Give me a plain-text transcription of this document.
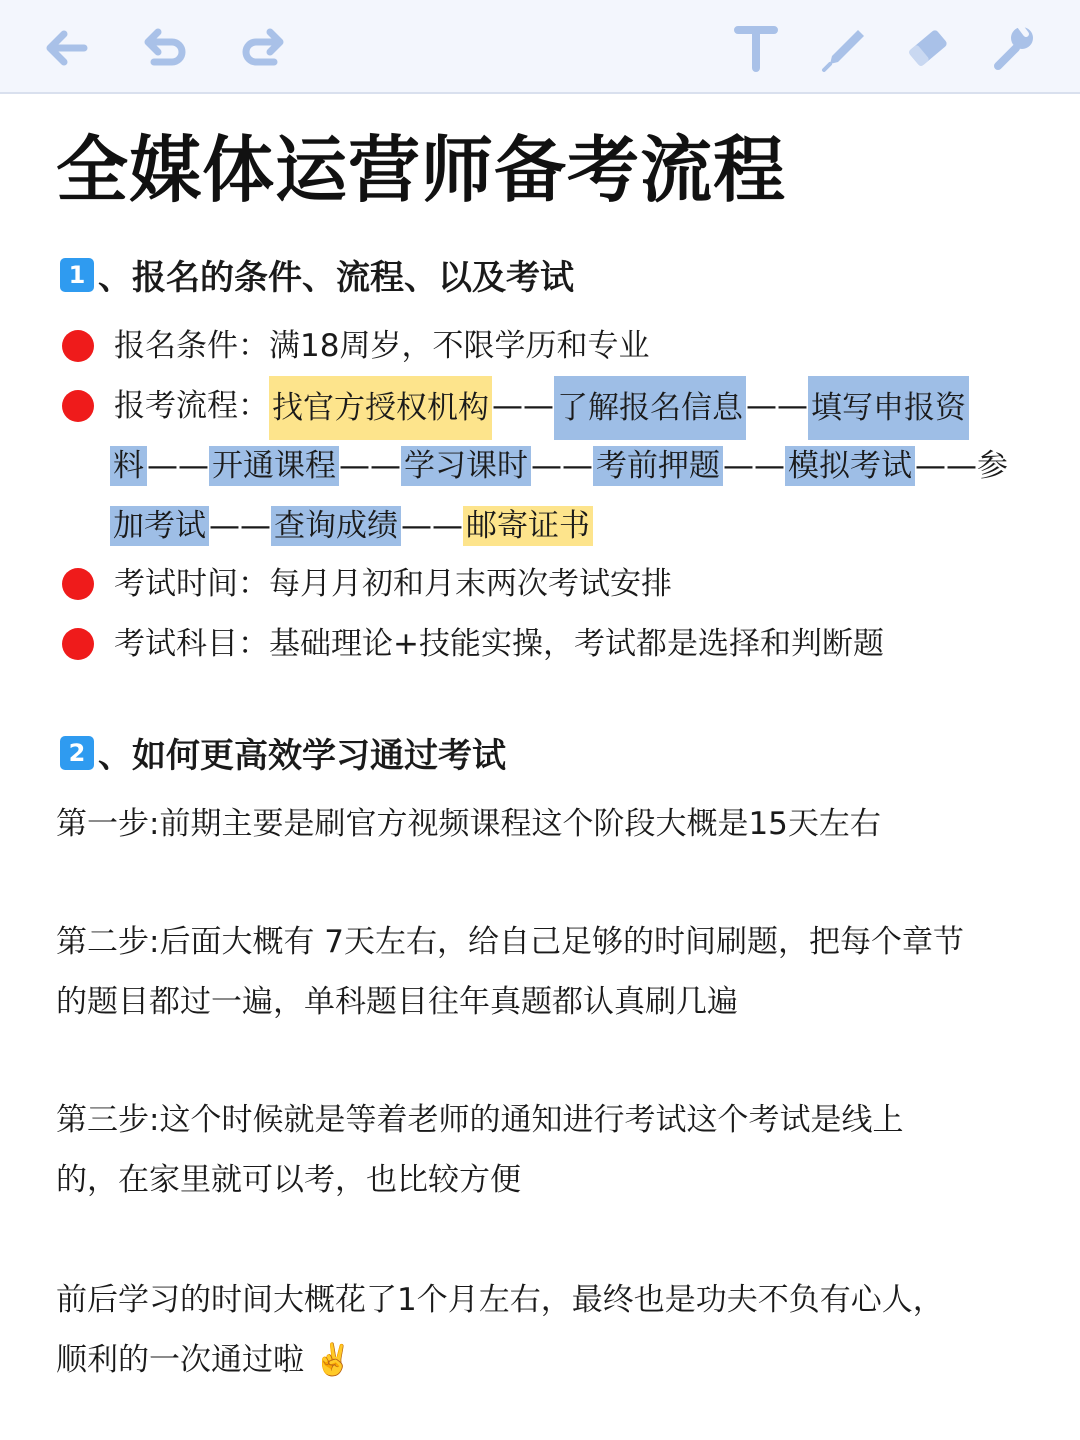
全媒体运营师备考流程
1 、报名的条件、流程、以及考试
报名条件： 满18周岁，不限学历和专业
报考流程： 找官方授权机构 —— 了解报名信息 —— 填写申报资
料——开通课程——学习课时——考前押题——模拟考试——参
加考试——查询成绩——邮寄证书
考试时间： 每月月初和月末两次考试安排
考试科目： 基础理论+技能实操，考试都是选择和判断题
2 、如何更高效学习通过考试
第一步:前期主要是刷官方视频课程这个阶段大概是15天左右
第二步:后面大概有 7天左右，给自己足够的时间刷题，把每个章节
的题目都过一遍，单科题目往年真题都认真刷几遍
第三步:这个时候就是等着老师的通知进行考试这个考试是线上
的，在家里就可以考，也比较方便
前后学习的时间大概花了1个月左右，最终也是功夫不负有心人，
顺利的一次通过啦 ✌️
